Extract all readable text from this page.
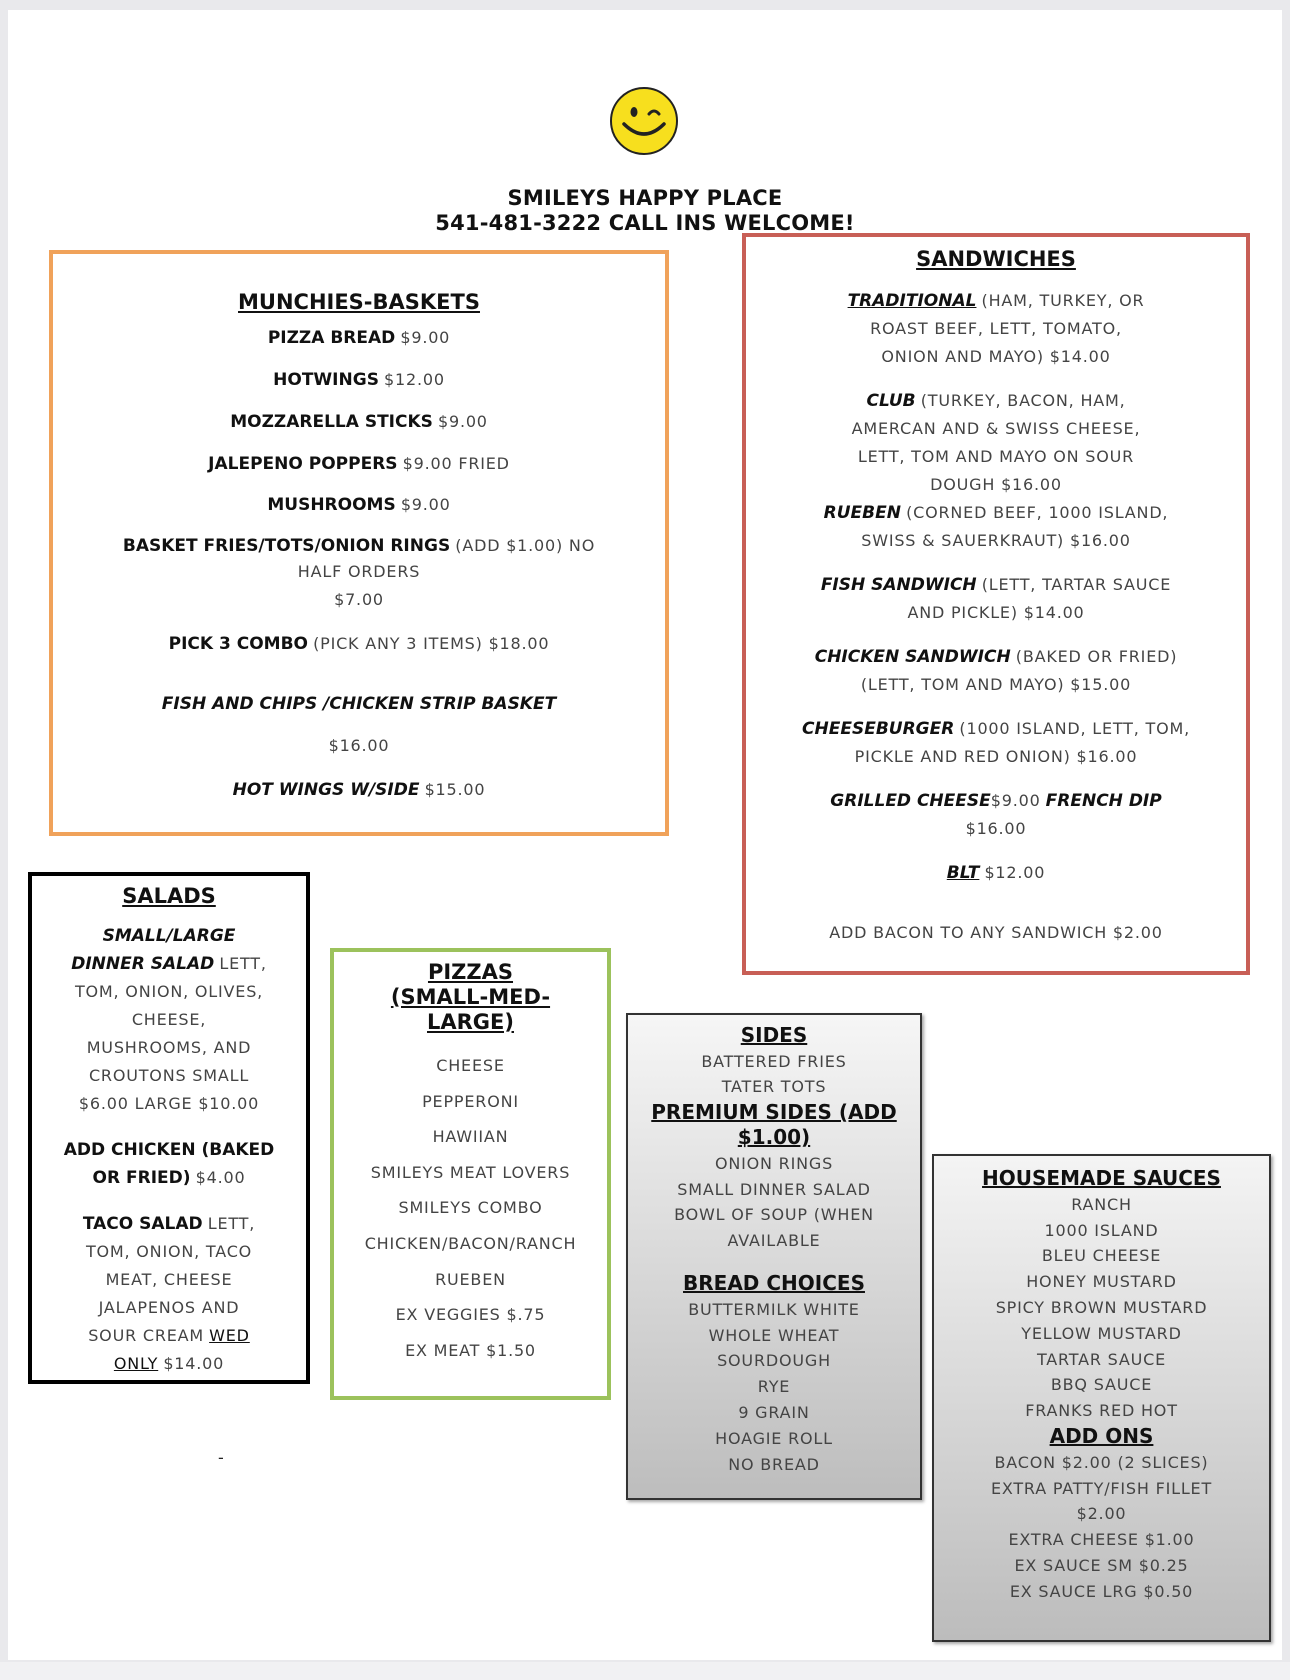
SMILEYS HAPPY PLACE
541-481-3222 CALL INS WELCOME!
MUNCHIES-BASKETS
PIZZA BREAD $9.00
HOTWINGS $12.00
MOZZARELLA STICKS $9.00
JALEPENO POPPERS $9.00 FRIED
MUSHROOMS $9.00
BASKET FRIES/TOTS/ONION RINGS (ADD $1.00) NO
HALF ORDERS
$7.00
PICK 3 COMBO (PICK ANY 3 ITEMS) $18.00
FISH AND CHIPS /CHICKEN STRIP BASKET
$16.00
HOT WINGS W/SIDE $15.00
SANDWICHES
TRADITIONAL (HAM, TURKEY, OR
ROAST BEEF, LETT, TOMATO,
ONION AND MAYO) $14.00
CLUB (TURKEY, BACON, HAM,
AMERCAN AND & SWISS CHEESE,
LETT, TOM AND MAYO ON SOUR
DOUGH $16.00
RUEBEN (CORNED BEEF, 1000 ISLAND,
SWISS & SAUERKRAUT) $16.00
FISH SANDWICH (LETT, TARTAR SAUCE
AND PICKLE) $14.00
CHICKEN SANDWICH (BAKED OR FRIED)
(LETT, TOM AND MAYO) $15.00
CHEESEBURGER (1000 ISLAND, LETT, TOM,
PICKLE AND RED ONION) $16.00
GRILLED CHEESE$9.00 FRENCH DIP
$16.00
BLT $12.00
ADD BACON TO ANY SANDWICH $2.00
SALADS
SMALL/LARGE
DINNER SALAD LETT,
TOM, ONION, OLIVES,
CHEESE,
MUSHROOMS, AND
CROUTONS SMALL
$6.00 LARGE $10.00
ADD CHICKEN (BAKED
OR FRIED) $4.00
TACO SALAD LETT,
TOM, ONION, TACO
MEAT, CHEESE
JALAPENOS AND
SOUR CREAM WED
ONLY $14.00
PIZZAS
(SMALL-MED-
LARGE)
CHEESE
PEPPERONI
HAWIIAN
SMILEYS MEAT LOVERS
SMILEYS COMBO
CHICKEN/BACON/RANCH
RUEBEN
EX VEGGIES $.75
EX MEAT $1.50
SIDES
BATTERED FRIES
TATER TOTS
PREMIUM SIDES (ADD
$1.00)
ONION RINGS
SMALL DINNER SALAD
BOWL OF SOUP (WHEN
AVAILABLE
BREAD CHOICES
BUTTERMILK WHITE
WHOLE WHEAT
SOURDOUGH
RYE
9 GRAIN
HOAGIE ROLL
NO BREAD
HOUSEMADE SAUCES
RANCH
1000 ISLAND
BLEU CHEESE
HONEY MUSTARD
SPICY BROWN MUSTARD
YELLOW MUSTARD
TARTAR SAUCE
BBQ SAUCE
FRANKS RED HOT
ADD ONS
BACON $2.00 (2 SLICES)
EXTRA PATTY/FISH FILLET
$2.00
EXTRA CHEESE $1.00
EX SAUCE SM $0.25
EX SAUCE LRG $0.50
-
